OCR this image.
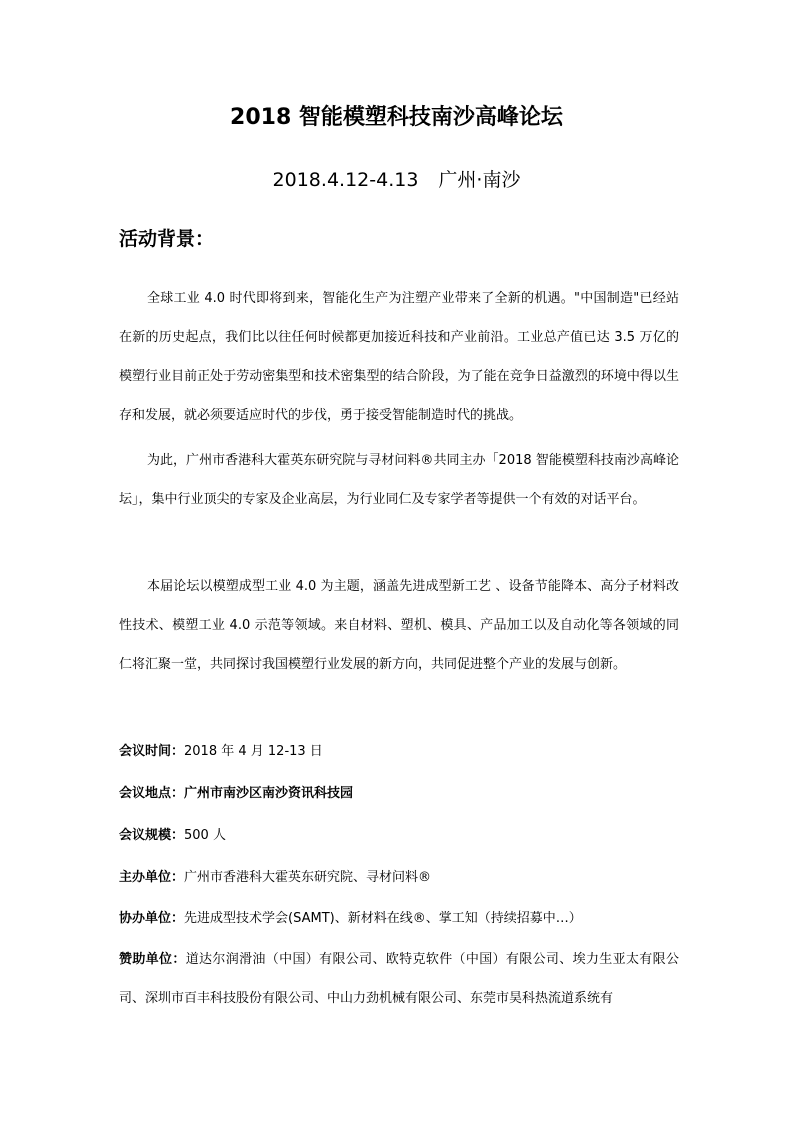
2018 智能模塑科技南沙高峰论坛
2018.4.12-4.13 广州·南沙
活动背景：
全球工业 4.0 时代即将到来，智能化生产为注塑产业带来了全新的机遇。"中国制造"已经站在新的历史起点，我们比以往任何时候都更加接近科技和产业前沿。工业总产值已达 3.5 万亿的模塑行业目前正处于劳动密集型和技术密集型的结合阶段，为了能在竞争日益激烈的环境中得以生存和发展，就必须要适应时代的步伐，勇于接受智能制造时代的挑战。
为此，广州市香港科大霍英东研究院与寻材问料®共同主办「2018 智能模塑科技南沙高峰论坛」，集中行业顶尖的专家及企业高层，为行业同仁及专家学者等提供一个有效的对话平台。
本届论坛以模塑成型工业 4.0 为主题，涵盖先进成型新工艺 、设备节能降本、高分子材料改性技术、模塑工业 4.0 示范等领域。来自材料、塑机、模具、产品加工以及自动化等各领域的同仁将汇聚一堂，共同探讨我国模塑行业发展的新方向，共同促进整个产业的发展与创新。
会议时间：2018 年 4 月 12-13 日
会议地点：广州市南沙区南沙资讯科技园
会议规模：500 人
主办单位：广州市香港科大霍英东研究院、寻材问料®
协办单位：先进成型技术学会(SAMT)、新材料在线®、掌工知（持续招募中…）
赞助单位：道达尔润滑油（中国）有限公司、欧特克软件（中国）有限公司、埃力生亚太有限公司、深圳市百丰科技股份有限公司、中山力劲机械有限公司、东莞市昊科热流道系统有
